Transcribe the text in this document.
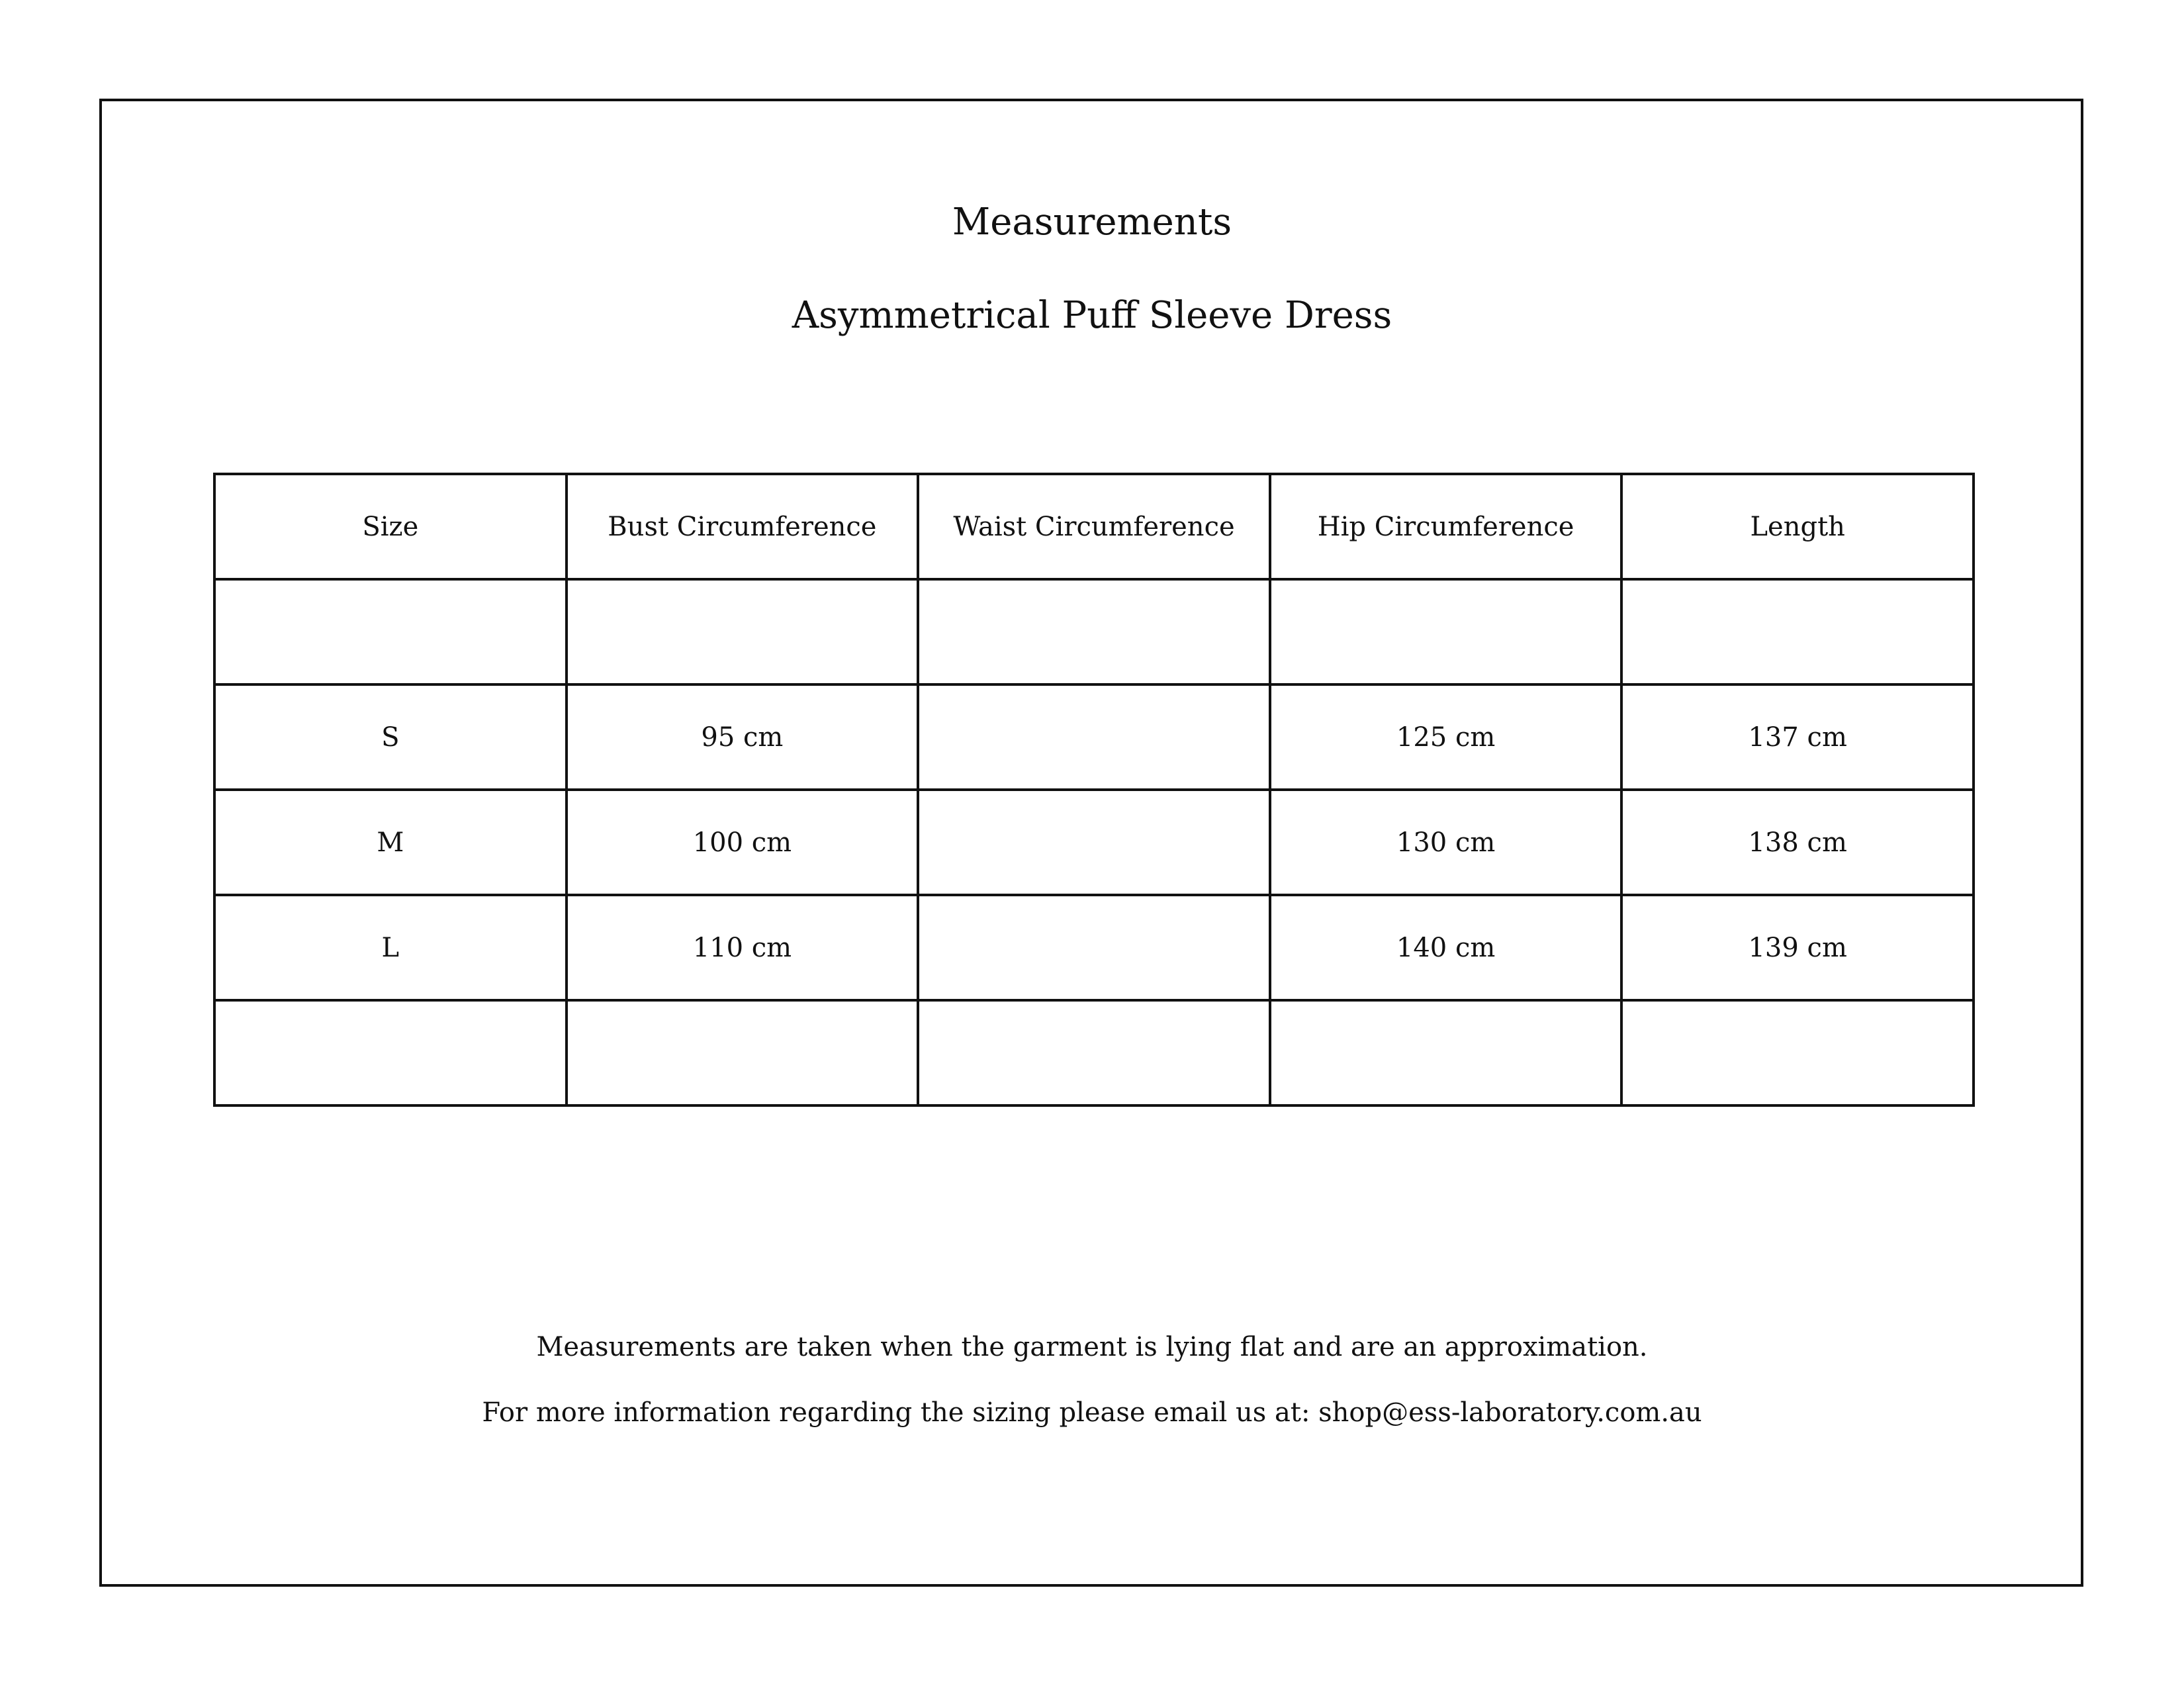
Measurements
Asymmetrical Puff Sleeve Dress
Size	Bust Circumference	Waist Circumference	Hip Circumference	Length

S	95 cm		125 cm	137 cm
M	100 cm		130 cm	138 cm
L	110 cm		140 cm	139 cm

Measurements are taken when the garment is lying flat and are an approximation.
For more information regarding the sizing please email us at: shop@ess-laboratory.com.au
